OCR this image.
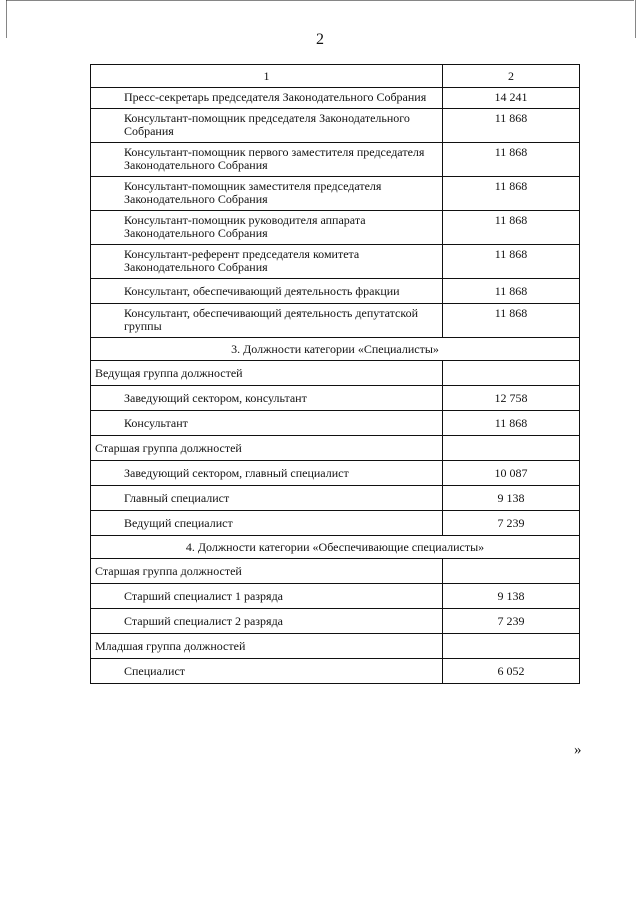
2
1	2
Пресс-секретарь председателя Законодательного Собрания	14 241
Консультант-помощник председателя Законодательного Собрания	11 868
Консультант-помощник первого заместителя председателя Законодательного Собрания	11 868
Консультант-помощник заместителя председателя Законодательного Собрания	11 868
Консультант-помощник руководителя аппарата Законодательного Собрания	11 868
Консультант-референт председателя комитета Законодательного Собрания	11 868
Консультант, обеспечивающий деятельность фракции	11 868
Консультант, обеспечивающий деятельность депутатской группы	11 868
3. Должности категории «Специалисты»	
Ведущая группа должностей	
Заведующий сектором, консультант	12 758
Консультант	11 868
Старшая группа должностей	
Заведующий сектором, главный специалист	10 087
Главный специалист	9 138
Ведущий специалист	7 239
4. Должности категории «Обеспечивающие специалисты»	
Старшая группа должностей	
Старший специалист 1 разряда	9 138
Старший специалист 2 разряда	7 239
Младшая группа должностей	
Специалист	6 052
»
